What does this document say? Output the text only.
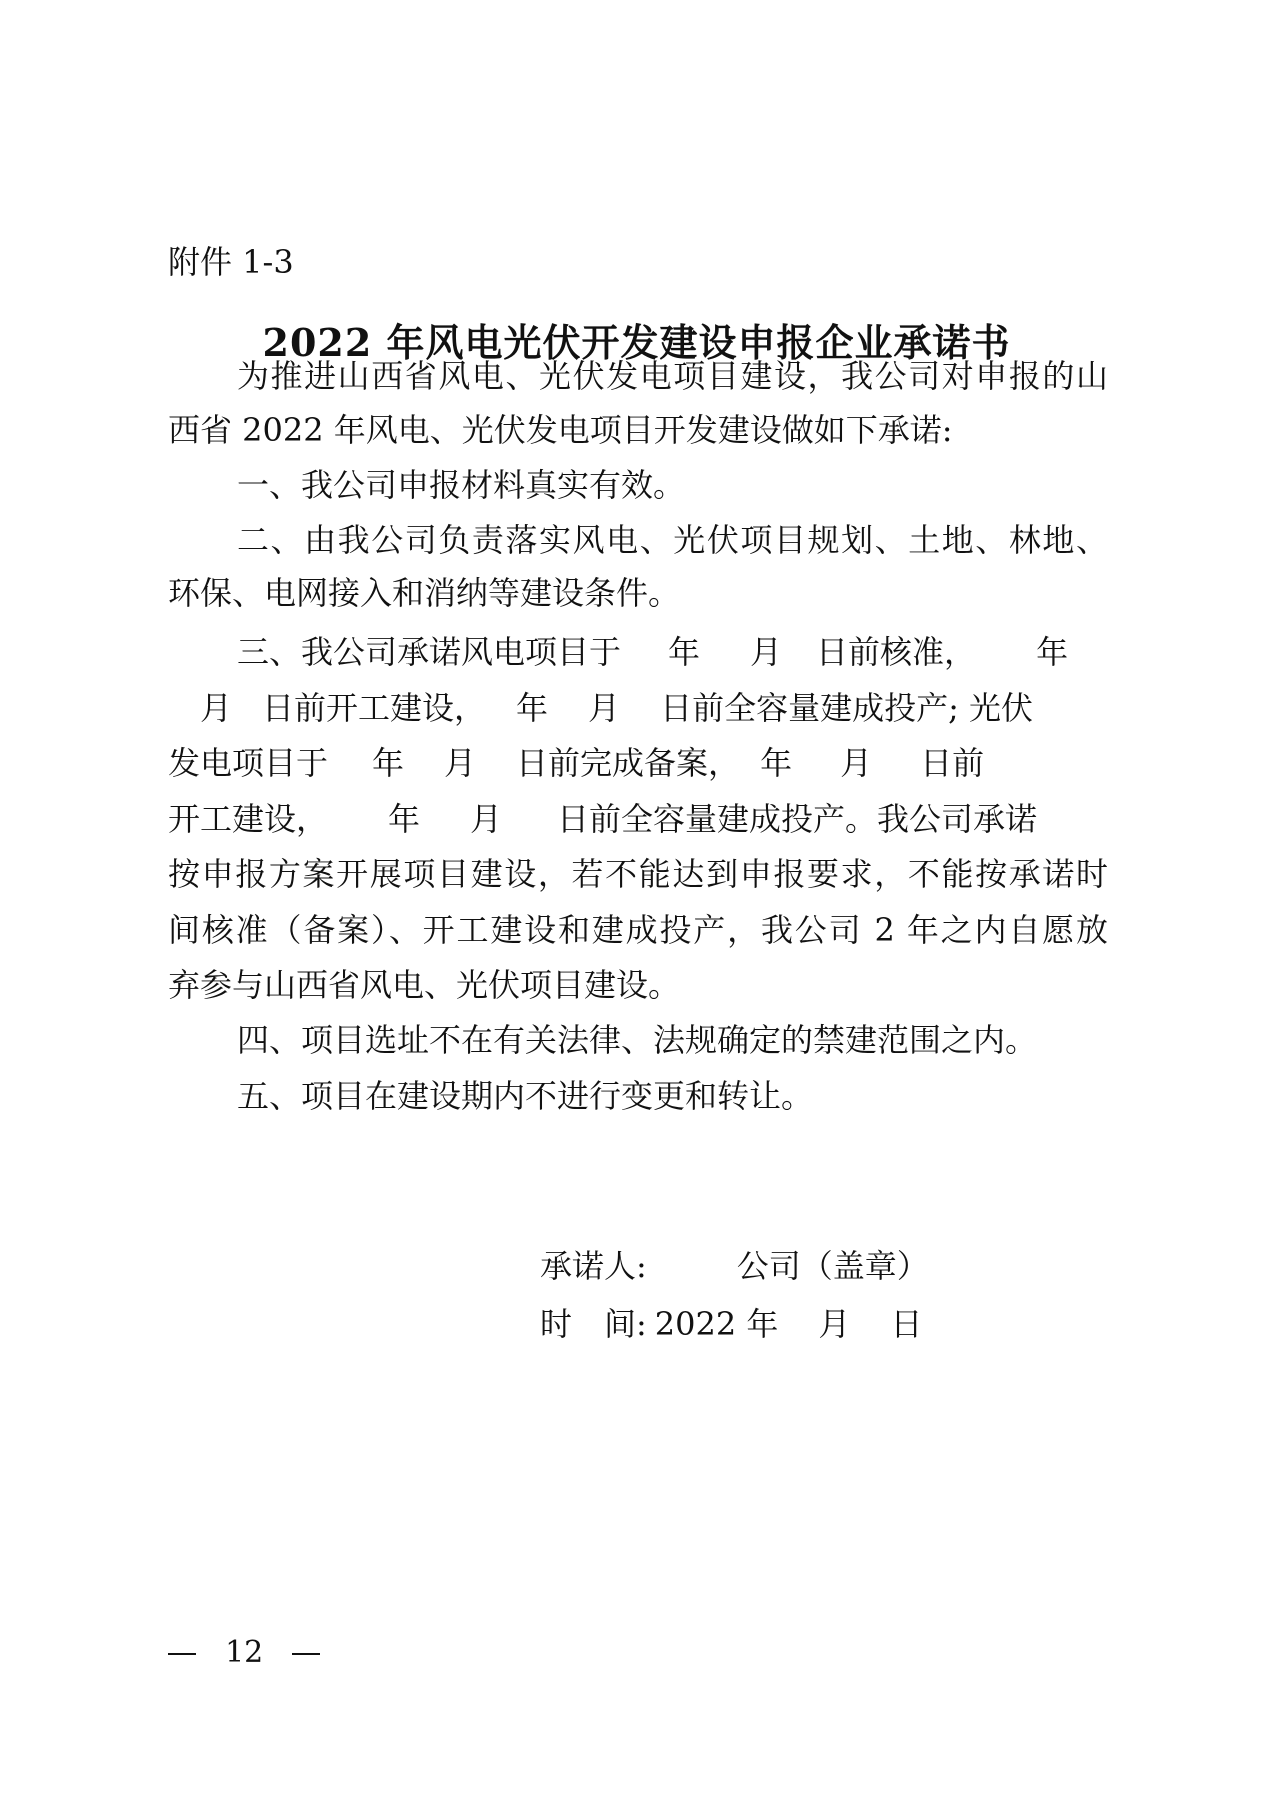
附件 1-3
2022 年风电光伏开发建设申报企业承诺书
为推进山西省风电、光伏发电项目建设，我公司对申报的山
西省 2022 年风电、光伏发电项目开发建设做如下承诺:
一、我公司申报材料真实有效。
二、由我公司负责落实风电、光伏项目规划、土地、林地、
环保、电网接入和消纳等建设条件。
三、我公司承诺风电项目于 年 月 日前核准， 年
月 日前开工建设， 年 月 日前全容量建成投产; 光伏
发电项目于 年 月 日前完成备案， 年 月 日前
开工建设， 年 月 日前全容量建成投产。我公司承诺
按申报方案开展项目建设，若不能达到申报要求，不能按承诺时
间核准（备案）、开工建设和建成投产，我公司 2 年之内自愿放
弃参与山西省风电、光伏项目建设。
四、项目选址不在有关法律、法规确定的禁建范围之内。
五、项目在建设期内不进行变更和转让。
承诺人:	公司（盖章）
时　间: 2022 年 月 日
12
